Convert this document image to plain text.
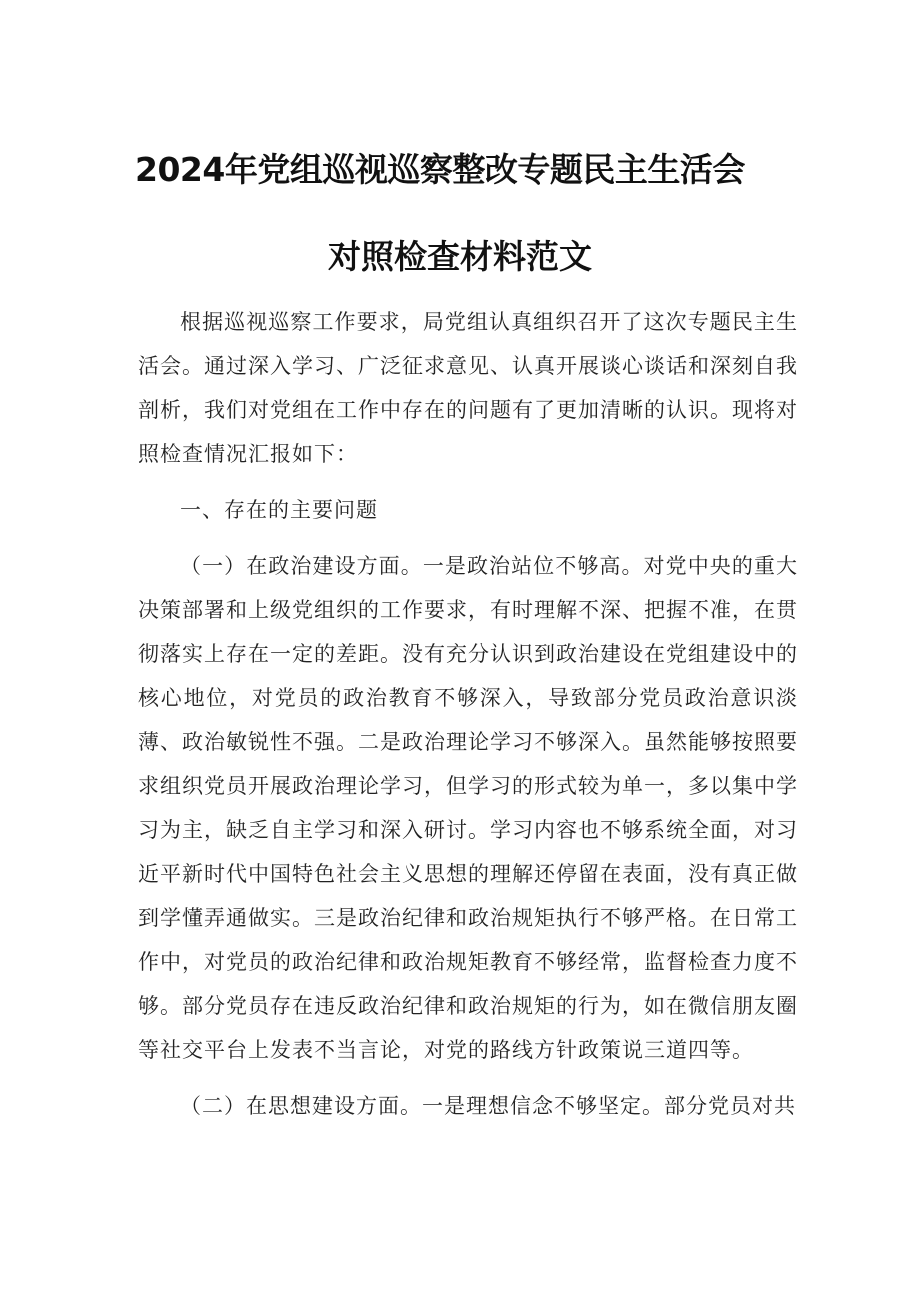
2024年党组巡视巡察整改专题民主生活会
对照检查材料范文

根据巡视巡察工作要求，局党组认真组织召开了这次专题民主生活会。通过深入学习、广泛征求意见、认真开展谈心谈话和深刻自我剖析，我们对党组在工作中存在的问题有了更加清晰的认识。现将对照检查情况汇报如下：

一、存在的主要问题

（一）在政治建设方面。一是政治站位不够高。对党中央的重大决策部署和上级党组织的工作要求，有时理解不深、把握不准，在贯彻落实上存在一定的差距。没有充分认识到政治建设在党组建设中的核心地位，对党员的政治教育不够深入，导致部分党员政治意识淡薄、政治敏锐性不强。二是政治理论学习不够深入。虽然能够按照要求组织党员开展政治理论学习，但学习的形式较为单一，多以集中学习为主，缺乏自主学习和深入研讨。学习内容也不够系统全面，对习近平新时代中国特色社会主义思想的理解还停留在表面，没有真正做到学懂弄通做实。三是政治纪律和政治规矩执行不够严格。在日常工作中，对党员的政治纪律和政治规矩教育不够经常，监督检查力度不够。部分党员存在违反政治纪律和政治规矩的行为，如在微信朋友圈等社交平台上发表不当言论，对党的路线方针政策说三道四等。

（二）在思想建设方面。一是理想信念不够坚定。部分党员对共
